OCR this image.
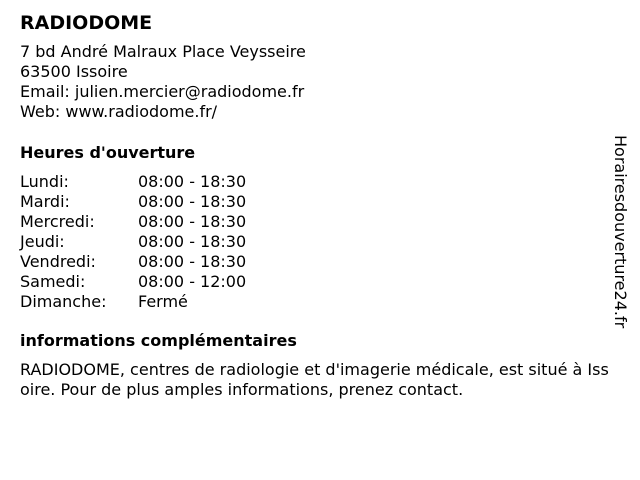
RADIODOME
7 bd André Malraux Place Veysseire
63500 Issoire
Email: julien.mercier@radiodome.fr
Web: www.radiodome.fr/
Heures d'ouverture
Lundi:	08:00 - 18:30
Mardi:	08:00 - 18:30
Mercredi:	08:00 - 18:30
Jeudi:	08:00 - 18:30
Vendredi:	08:00 - 18:30
Samedi:	08:00 - 12:00
Dimanche:	Fermé
informations complémentaires
RADIODOME, centres de radiologie et d'imagerie médicale, est situé à Issoire. Pour de plus amples informations, prenez contact.
Horairesdouverture24.fr
